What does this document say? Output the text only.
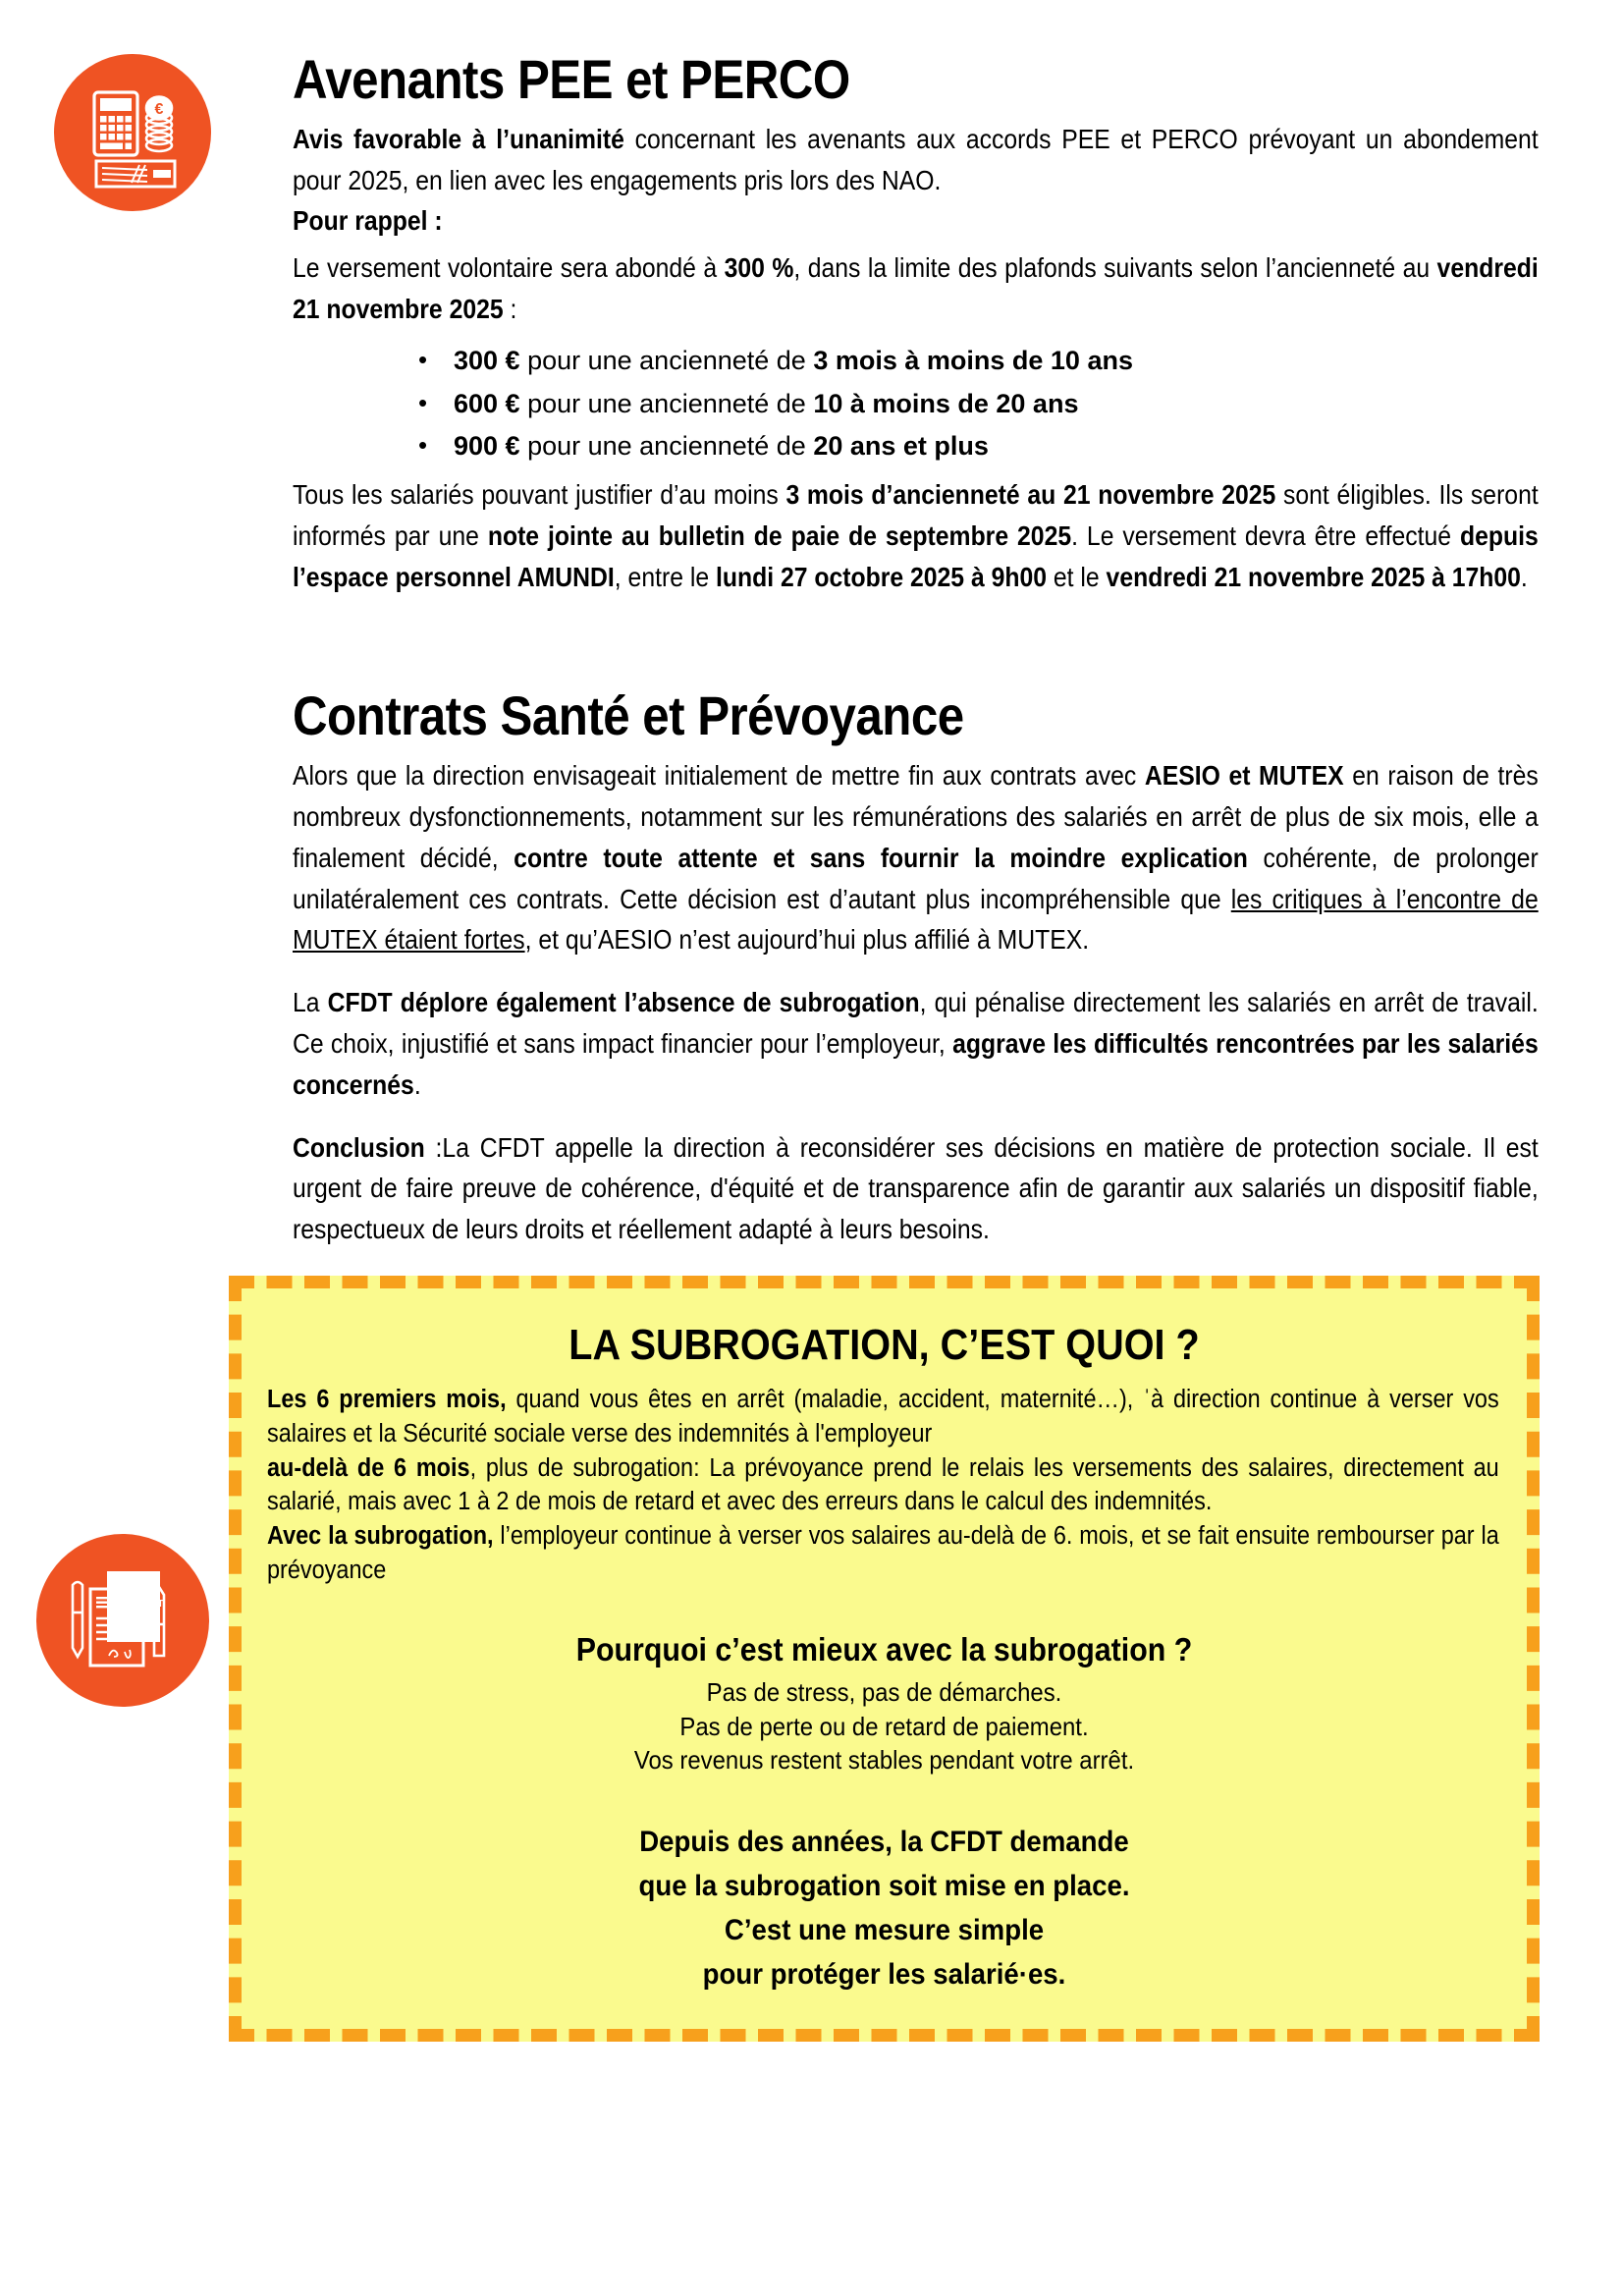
€ Avenants PEE et PERCO

Avis favorable à l’unanimité concernant les avenants aux accords PEE et PERCO prévoyant un abondement pour 2025, en lien avec les engagements pris lors des NAO.
Pour rappel :

Le versement volontaire sera abondé à 300 %, dans la limite des plafonds suivants selon l’ancienneté au vendredi 21 novembre 2025 :

• 300 € pour une ancienneté de 3 mois à moins de 10 ans
• 600 € pour une ancienneté de 10 à moins de 20 ans
• 900 € pour une ancienneté de 20 ans et plus

Tous les salariés pouvant justifier d’au moins 3 mois d’ancienneté au 21 novembre 2025 sont éligibles. Ils seront informés par une note jointe au bulletin de paie de septembre 2025. Le versement devra être effectué depuis l’espace personnel AMUNDI, entre le lundi 27 octobre 2025 à 9h00 et le vendredi 21 novembre 2025 à 17h00.

CONTRAT
Contrats Santé et Prévoyance

Alors que la direction envisageait initialement de mettre fin aux contrats avec AESIO et MUTEX en raison de très nombreux dysfonctionnements, notamment sur les rémunérations des salariés en arrêt de plus de six mois, elle a finalement décidé, contre toute attente et sans fournir la moindre explication cohérente, de prolonger unilatéralement ces contrats. Cette décision est d’autant plus incompréhensible que les critiques à l’encontre de MUTEX étaient fortes, et qu’AESIO n’est aujourd’hui plus affilié à MUTEX.

La CFDT déplore également l’absence de subrogation, qui pénalise directement les salariés en arrêt de travail. Ce choix, injustifié et sans impact financier pour l’employeur, aggrave les difficultés rencontrées par les salariés concernés.

Conclusion :La CFDT appelle la direction à reconsidérer ses décisions en matière de protection sociale. Il est urgent de faire preuve de cohérence, d'équité et de transparence afin de garantir aux salariés un dispositif fiable, respectueux de leurs droits et réellement adapté à leurs besoins.

LA SUBROGATION, C’EST QUOI ?

Les 6 premiers mois, quand vous êtes en arrêt (maladie, accident, maternité…), ˈà direction continue à verser vos salaires et la Sécurité sociale verse des indemnités à l'employeur

au-delà de 6 mois, plus de subrogation: La prévoyance prend le relais les versements des salaires, directement au salarié, mais avec 1 à 2 de mois de retard et avec des erreurs dans le calcul des indemnités.

Avec la subrogation, l’employeur continue à verser vos salaires au-delà de 6. mois, et se fait ensuite rembourser par la prévoyance

Pourquoi c’est mieux avec la subrogation ?

Pas de stress, pas de démarches.

Pas de perte ou de retard de paiement.

Vos revenus restent stables pendant votre arrêt.

Depuis des années, la CFDT demande

que la subrogation soit mise en place.

C’est une mesure simple

pour protéger les salarié·es.
